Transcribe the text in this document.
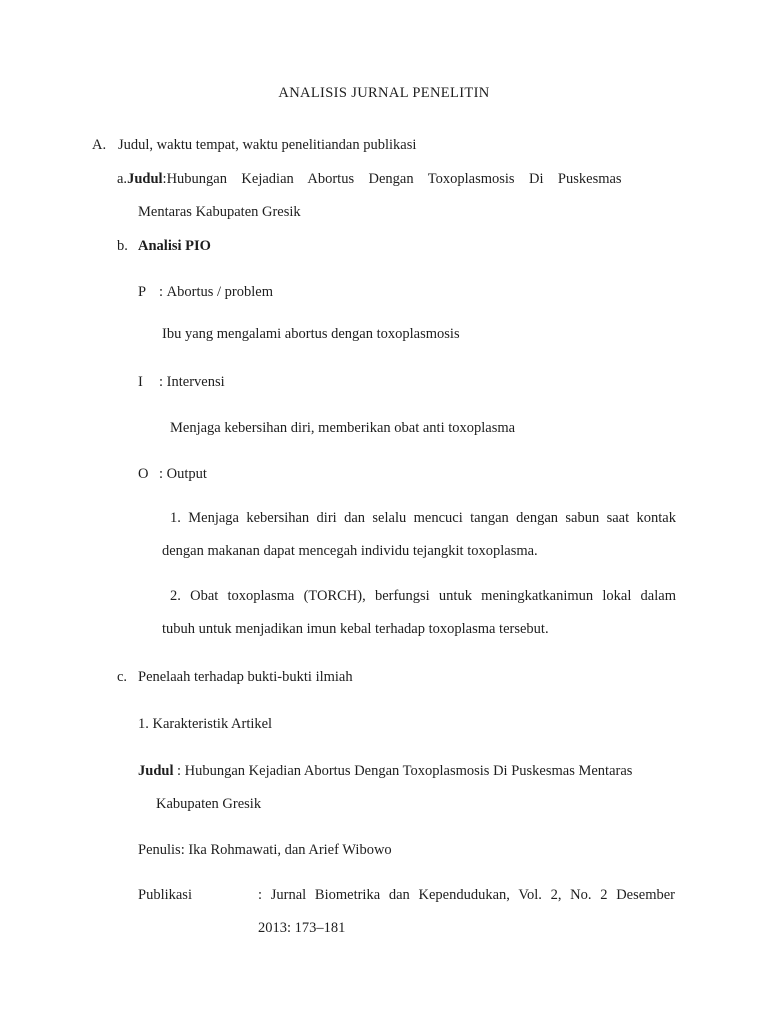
ANALISIS JURNAL PENELITIN
A. Judul, waktu tempat, waktu penelitiandan publikasi
a.Judul:Hubungan Kejadian Abortus Dengan Toxoplasmosis Di Puskesmas
Mentaras Kabupaten Gresik
b. Analisi PIO
P : Abortus / problem
Ibu yang mengalami abortus dengan toxoplasmosis
I : Intervensi
Menjaga kebersihan diri, memberikan obat anti toxoplasma
O : Output
1. Menjaga kebersihan diri dan selalu mencuci tangan dengan sabun saat kontak
dengan makanan dapat mencegah individu tejangkit toxoplasma.
2. Obat toxoplasma (TORCH), berfungsi untuk meningkatkanimun lokal dalam
tubuh untuk menjadikan imun kebal terhadap toxoplasma tersebut.
c. Penelaah terhadap bukti-bukti ilmiah
1. Karakteristik Artikel
Judul : Hubungan Kejadian Abortus Dengan Toxoplasmosis Di Puskesmas Mentaras
Kabupaten Gresik
Penulis: Ika Rohmawati, dan Arief Wibowo
Publikasi	: Jurnal Biometrika dan Kependudukan, Vol. 2, No. 2 Desember
2013: 173–181
